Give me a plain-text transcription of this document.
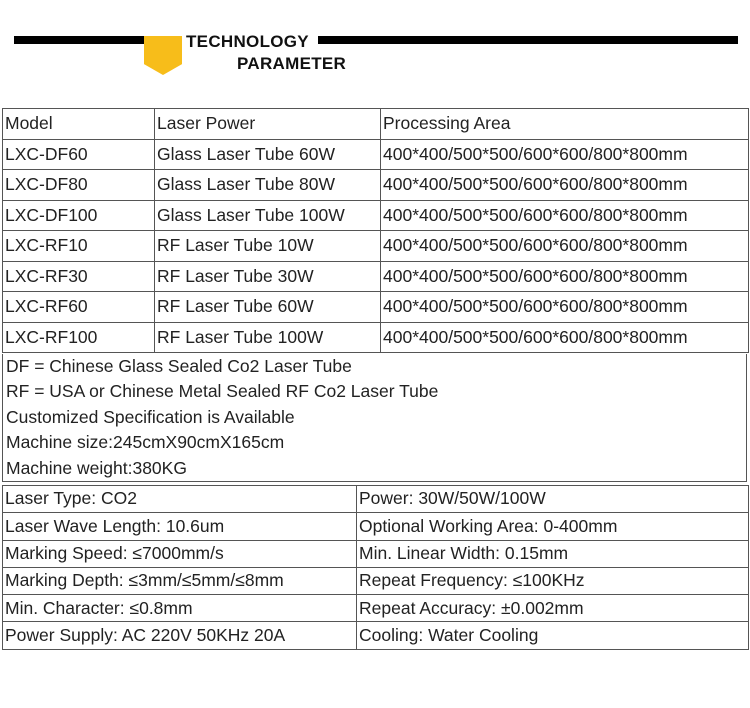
TECHNOLOGY
PARAMETER
Model	Laser Power	Processing Area
LXC-DF60	Glass Laser Tube 60W	400*400/500*500/600*600/800*800mm
LXC-DF80	Glass Laser Tube 80W	400*400/500*500/600*600/800*800mm
LXC-DF100	Glass Laser Tube 100W	400*400/500*500/600*600/800*800mm
LXC-RF10	RF Laser Tube 10W	400*400/500*500/600*600/800*800mm
LXC-RF30	RF Laser Tube 30W	400*400/500*500/600*600/800*800mm
LXC-RF60	RF Laser Tube 60W	400*400/500*500/600*600/800*800mm
LXC-RF100	RF Laser Tube 100W	400*400/500*500/600*600/800*800mm
DF = Chinese Glass Sealed Co2 Laser Tube
RF = USA or Chinese Metal Sealed RF Co2 Laser Tube
Customized Specification is Available
Machine size:245cmX90cmX165cm
Machine weight:380KG
Laser Type: CO2	Power: 30W/50W/100W
Laser Wave Length: 10.6um	Optional Working Area: 0-400mm
Marking Speed: ≤7000mm/s	Min. Linear Width: 0.15mm
Marking Depth: ≤3mm/≤5mm/≤8mm	Repeat Frequency: ≤100KHz
Min. Character: ≤0.8mm	Repeat Accuracy: ±0.002mm
Power Supply: AC 220V 50KHz 20A	Cooling: Water Cooling
